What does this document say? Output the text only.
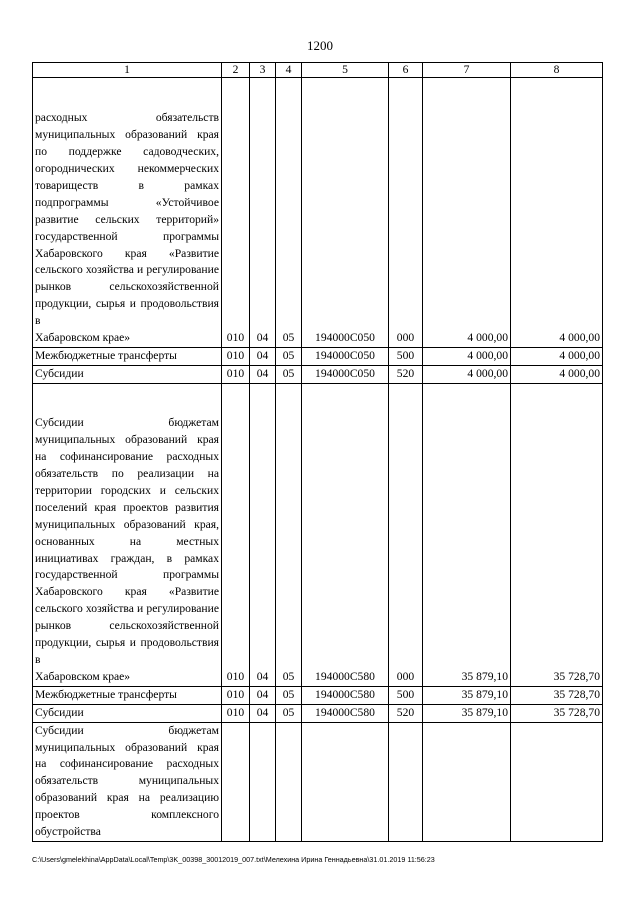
1200
1	2	3	4	5	6	7	8
расходных обязательств муниципальных образований края по поддержке садоводческих, огороднических некоммерческих товариществ в рамках подпрограммы «Устойчивое развитие сельских территорий» государственной программы Хабаровского края «Развитие сельского хозяйства и регулирование рынков сельскохозяйственной продукции, сырья и продовольствия в
Хабаровском крае»	010	04	05	194000С050	000	4 000,00	4 000,00

Межбюджетные трансферты	010	04	05	194000С050	500	4 000,00	4 000,00

Субсидии	010	04	05	194000С050	520	4 000,00	4 000,00
Субсидии бюджетам муниципальных образований края на софинансирование расходных обязательств по реализации на территории городских и сельских поселений края проектов развития муниципальных образований края, основанных на местных инициативах граждан, в рамках государственной программы Хабаровского края «Развитие сельского хозяйства и регулирование рынков сельскохозяйственной продукции, сырья и продовольствия в
Хабаровском крае»	010	04	05	194000С580	000	35 879,10	35 728,70

Межбюджетные трансферты	010	04	05	194000С580	500	35 879,10	35 728,70

Субсидии	010	04	05	194000С580	520	35 879,10	35 728,70
Субсидии бюджетам муниципальных образований края на софинансирование расходных обязательств муниципальных образований края на реализацию проектов комплексного обустройства							
C:\Users\gmelekhina\AppData\Local\Temp\3K_00398_30012019_007.txt\Мелехина Ирина Геннадьевна\31.01.2019 11:56:23
